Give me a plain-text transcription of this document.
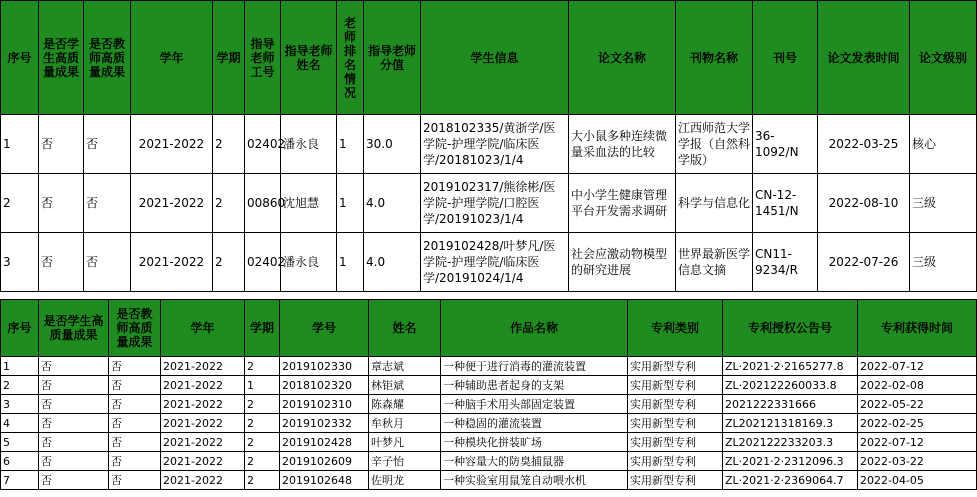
序号	是否学生高质量成果	是否教师高质量成果	学年	学期	指导老师工号	指导老师姓名	老师排名情况	指导老师分值	学生信息	论文名称	刊物名称	刊号	论文发表时间	论文级别
1	否	否	2021-2022	2	02402	潘永良	1	30.0	2018102335/黄浙学/医学院-护理学院/临床医学/20181023/1/4	大小鼠多种连续微量采血法的比较	江西师范大学学报（自然科学版）	36-1092/N	2022-03-25	核心
2	否	否	2021-2022	2	00860	沈旭慧	1	4.0	2019102317/熊徐彬/医学院-护理学院/口腔医学/20191023/1/4	中小学生健康管理平台开发需求调研	科学与信息化	CN-12-1451/N	2022-08-10	三级
3	否	否	2021-2022	2	02402	潘永良	1	4.0	2019102428/叶梦凡/医学院-护理学院/临床医学/20191024/1/4	社会应激动物模型的研究进展	世界最新医学信息文摘	CN11-9234/R	2022-07-26	三级
序号	是否学生高质量成果	是否教师高质量成果	学年	学期	学号	姓名	作品名称	专利类别	专利授权公告号	专利获得时间
1	否	否	2021-2022	2	2019102330	章志斌	一种便于进行消毒的灌流装置	实用新型专利	ZL·2021·2·2165277.8	2022-07-12
2	否	否	2021-2022	1	2018102320	林钜斌	一种辅助患者起身的支架	实用新型专利	ZL·202122260033.8	2022-02-08
3	否	否	2021-2022	2	2019102310	陈森耀	一种脑手术用头部固定装置	实用新型专利	2021222331666	2022-05-22
4	否	否	2021-2022	2	2019102332	牟秋月	一种稳固的灌流装置	实用新型专利	ZL202121318169.3	2022-02-25
5	否	否	2021-2022	2	2019102428	叶梦凡	一种模块化拼装旷场	实用新型专利	ZL202122233203.3	2022-07-12
6	否	否	2021-2022	2	2019102609	辛子怡	一种容量大的防臭捕鼠器	实用新型专利	ZL·2021·2·2312096.3	2022-03-22
7	否	否	2021-2022	2	2019102648	佐明龙	一种实验室用鼠笼自动喂水机	实用新型专利	ZL·2021·2·2369064.7	2022-04-05
